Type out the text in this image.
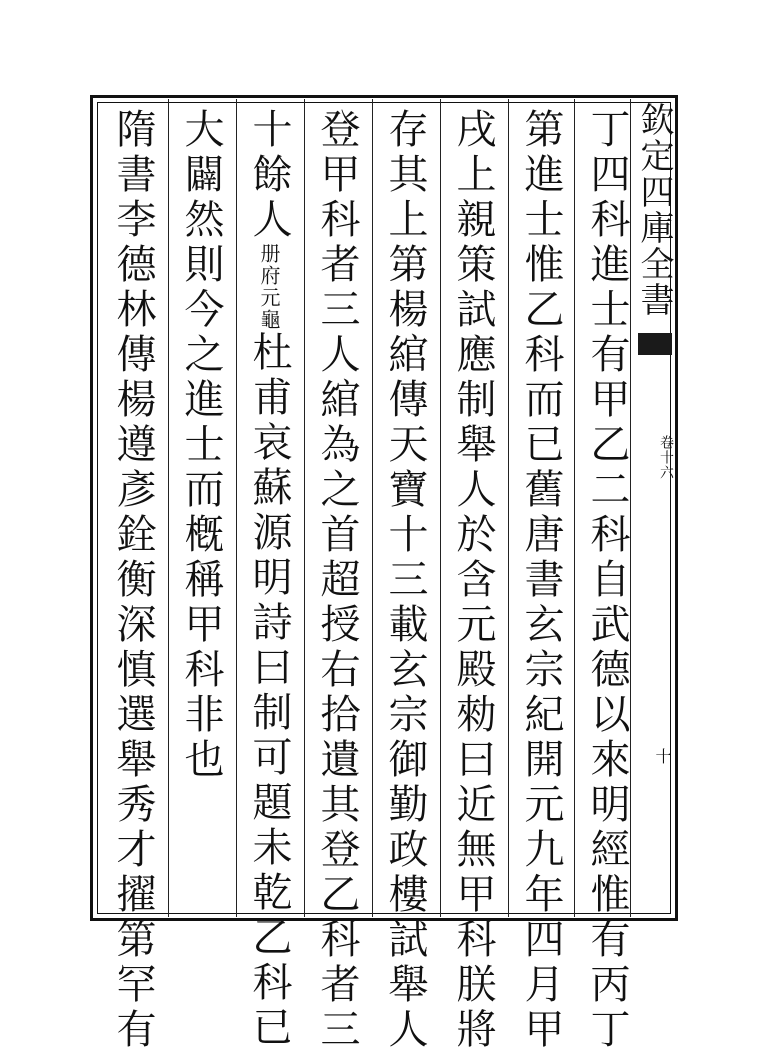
欽定四庫全書
卷十六
十
丁四科進士有甲乙二科自武德以來明經惟有丙丁
第進士惟乙科而已舊唐書玄宗紀開元九年四月甲
戌上親策試應制舉人於含元殿勑曰近無甲科朕將
存其上第楊綰傳天寶十三載玄宗御勤政樓試舉人
登甲科者三人綰為之首超授右拾遺其登乙科者三
十餘人册府元龜杜甫哀蘇源明詩曰制可題未乾乙科已
大闢然則今之進士而槪稱甲科非也
隋書李德林傳楊遵彥銓衡深慎選舉秀才擢第罕有
